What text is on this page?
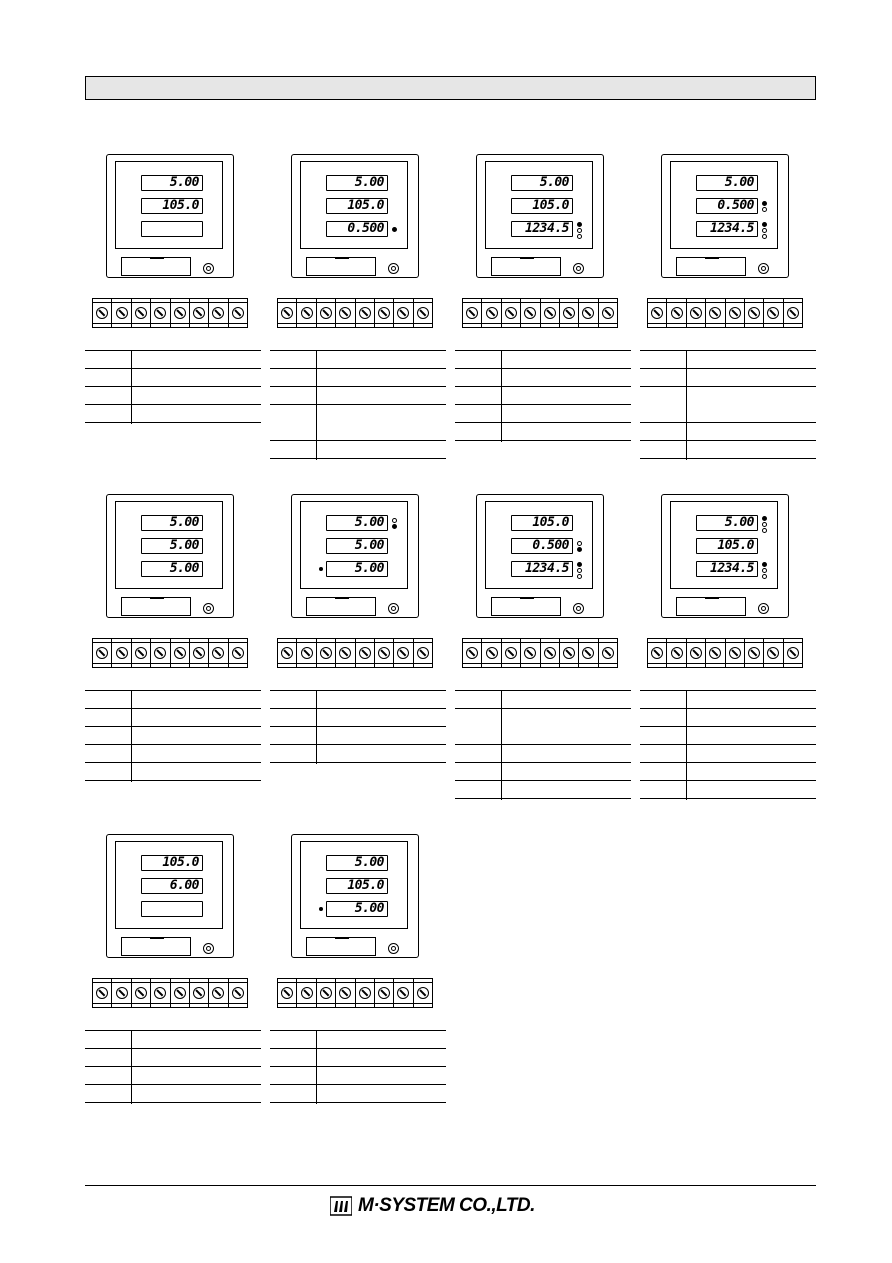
5.00
105.0
5.00
105.0
0.500
5.00
105.0
1234.5
5.00
0.500
1234.5
5.00
5.00
5.00
5.00
5.00
5.00
105.0
0.500
1234.5
5.00
105.0
1234.5
105.0
6.00
5.00
105.0
5.00
M·SYSTEM CO.,LTD.
